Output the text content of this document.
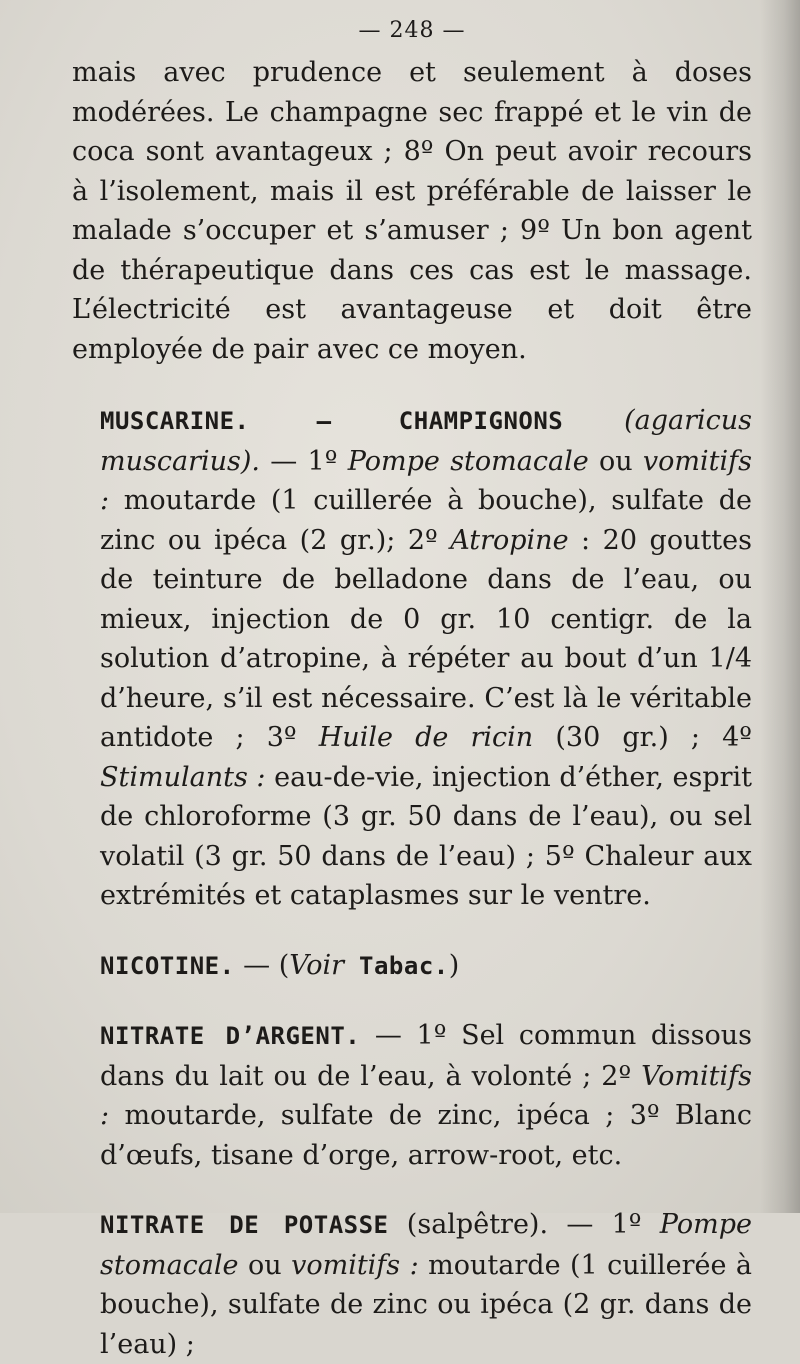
— 248 —

mais avec prudence et seulement à doses modérées. Le champagne sec frappé et le vin de coca sont avantageux ; 8º On peut avoir recours à l’isolement, mais il est préférable de laisser le malade s’occuper et s’amuser ; 9º Un bon agent de thérapeutique dans ces cas est le massage. L’électricité est avantageuse et doit être employée de pair avec ce moyen.

MUSCARINE. — CHAMPIGNONS (agaricus muscarius). — 1º Pompe stomacale ou vomitifs : moutarde (1 cuillerée à bouche), sulfate de zinc ou ipéca (2 gr.); 2º Atropine : 20 gouttes de teinture de belladone dans de l’eau, ou mieux, injection de 0 gr. 10 centigr. de la solution d’atropine, à répéter au bout d’un 1/4 d’heure, s’il est nécessaire. C’est là le véritable antidote ; 3º Huile de ricin (30 gr.) ; 4º Stimulants : eau-de-vie, injection d’éther, esprit de chloroforme (3 gr. 50 dans de l’eau), ou sel volatil (3 gr. 50 dans de l’eau) ; 5º Chaleur aux extrémités et cataplasmes sur le ventre.

NICOTINE. — (Voir Tabac.)

NITRATE D’ARGENT. — 1º Sel commun dissous dans du lait ou de l’eau, à volonté ; 2º Vomitifs : moutarde, sulfate de zinc, ipéca ; 3º Blanc d’œufs, tisane d’orge, arrow-root, etc.

NITRATE DE POTASSE (salpêtre). — 1º Pompe stomacale ou vomitifs : moutarde (1 cuillerée à bouche), sulfate de zinc ou ipéca (2 gr. dans de l’eau) ;
